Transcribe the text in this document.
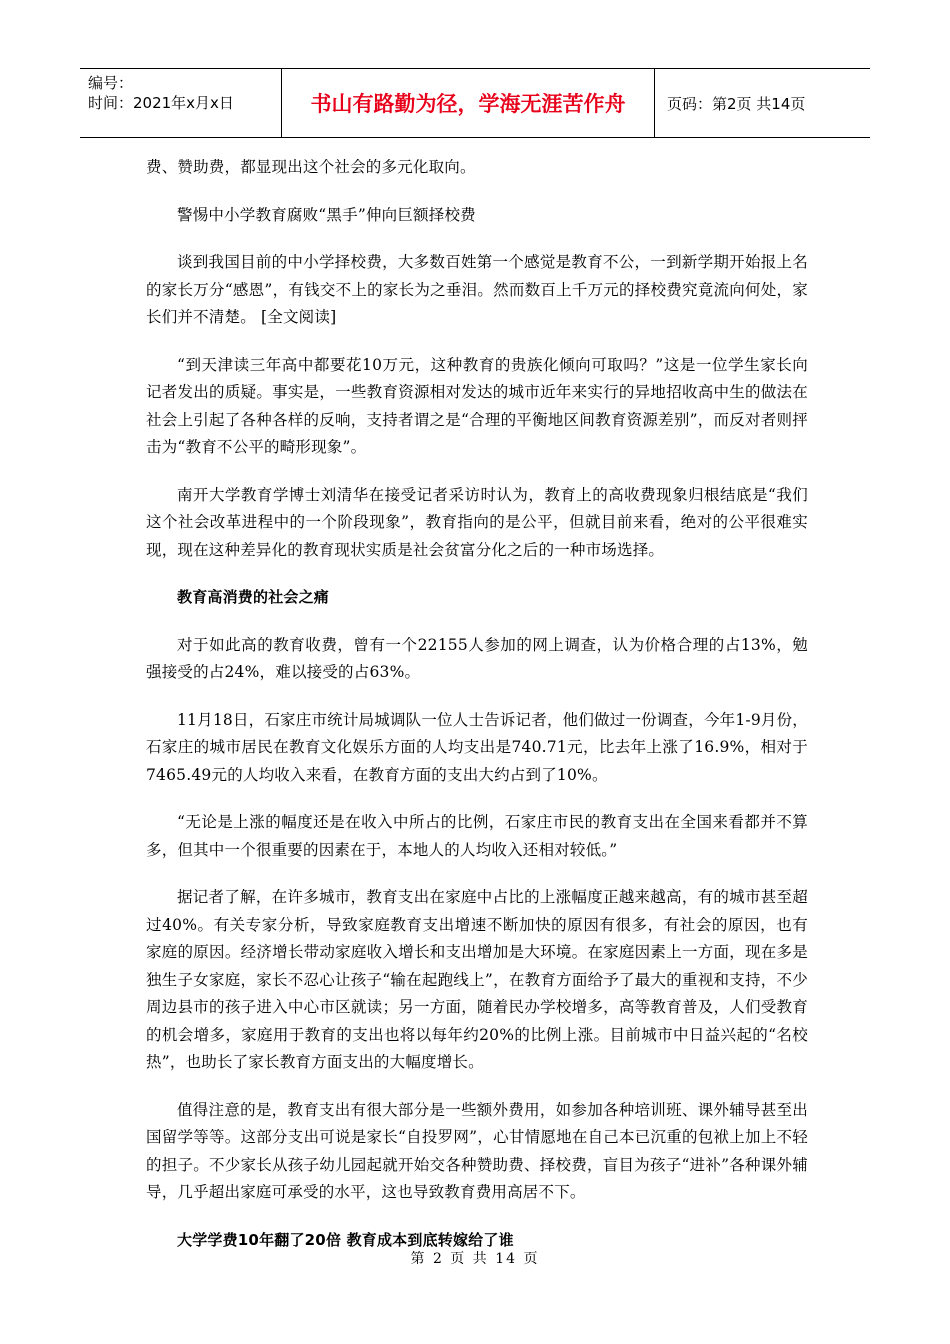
编号：
时间：2021年x月x日	书山有路勤为径，学海无涯苦作舟	页码：第2页 共14页

费、赞助费，都显现出这个社会的多元化取向。

警惕中小学教育腐败“黑手”伸向巨额择校费

谈到我国目前的中小学择校费，大多数百姓第一个感觉是教育不公，一到新学期开始报上名的家长万分“感恩”，有钱交不上的家长为之垂泪。然而数百上千万元的择校费究竟流向何处，家长们并不清楚。 [全文阅读]

“到天津读三年高中都要花10万元，这种教育的贵族化倾向可取吗？”这是一位学生家长向记者发出的质疑。事实是，一些教育资源相对发达的城市近年来实行的异地招收高中生的做法在社会上引起了各种各样的反响，支持者谓之是“合理的平衡地区间教育资源差别”，而反对者则抨击为“教育不公平的畸形现象”。

南开大学教育学博士刘清华在接受记者采访时认为，教育上的高收费现象归根结底是“我们这个社会改革进程中的一个阶段现象”，教育指向的是公平，但就目前来看，绝对的公平很难实现，现在这种差异化的教育现状实质是社会贫富分化之后的一种市场选择。

教育高消费的社会之痛

对于如此高的教育收费，曾有一个22155人参加的网上调查，认为价格合理的占13%，勉强接受的占24%，难以接受的占63%。

11月18日，石家庄市统计局城调队一位人士告诉记者，他们做过一份调查，今年1-9月份，石家庄的城市居民在教育文化娱乐方面的人均支出是740.71元，比去年上涨了16.9%，相对于7465.49元的人均收入来看，在教育方面的支出大约占到了10%。

“无论是上涨的幅度还是在收入中所占的比例，石家庄市民的教育支出在全国来看都并不算多，但其中一个很重要的因素在于，本地人的人均收入还相对较低。”

据记者了解，在许多城市，教育支出在家庭中占比的上涨幅度正越来越高，有的城市甚至超过40%。有关专家分析，导致家庭教育支出增速不断加快的原因有很多，有社会的原因，也有家庭的原因。经济增长带动家庭收入增长和支出增加是大环境。在家庭因素上一方面，现在多是独生子女家庭，家长不忍心让孩子“输在起跑线上”，在教育方面给予了最大的重视和支持，不少周边县市的孩子进入中心市区就读；另一方面，随着民办学校增多，高等教育普及，人们受教育的机会增多，家庭用于教育的支出也将以每年约20%的比例上涨。目前城市中日益兴起的“名校热”，也助长了家长教育方面支出的大幅度增长。

值得注意的是，教育支出有很大部分是一些额外费用，如参加各种培训班、课外辅导甚至出国留学等等。这部分支出可说是家长“自投罗网”，心甘情愿地在自己本已沉重的包袱上加上不轻的担子。不少家长从孩子幼儿园起就开始交各种赞助费、择校费，盲目为孩子“进补”各种课外辅导，几乎超出家庭可承受的水平，这也导致教育费用高居不下。

大学学费10年翻了20倍 教育成本到底转嫁给了谁

第 2 页 共 14 页
